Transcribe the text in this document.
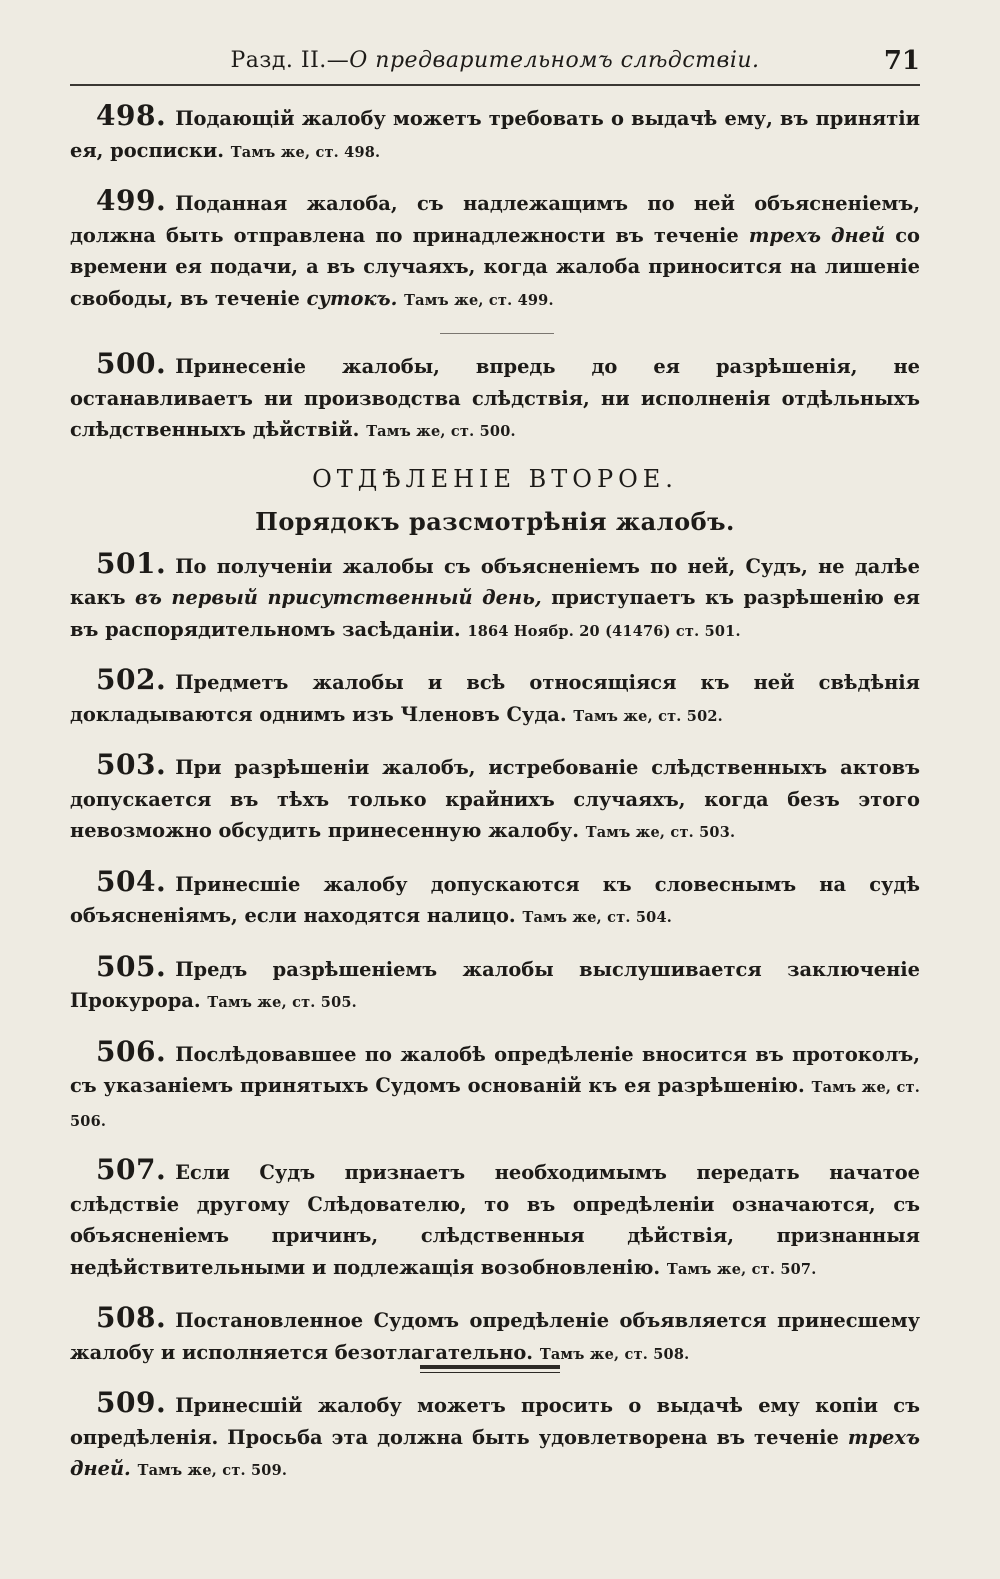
Разд. II.—О предварительномъ слѣдствіи.	71

498. Подающій жалобу можетъ требовать о выдачѣ ему, въ принятіи ея, росписки. Тамъ же, ст. 498.

499. Поданная жалоба, съ надлежащимъ по ней объясненіемъ, должна быть отправлена по принадлежности въ теченіе трехъ дней со времени ея подачи, а въ случаяхъ, когда жалоба приносится на лишеніе свободы, въ теченіе сутокъ. Тамъ же, ст. 499.

500. Принесеніе жалобы, впредь до ея разрѣшенія, не останавливаетъ ни производства слѣдствія, ни исполненія отдѣльныхъ слѣдственныхъ дѣйствій. Тамъ же, ст. 500.

ОТДѢЛЕНІЕ ВТОРОЕ.
Порядокъ разсмотрѣнія жалобъ.

501. По полученіи жалобы съ объясненіемъ по ней, Судъ, не далѣе какъ въ первый присутственный день, приступаетъ къ разрѣшенію ея въ распорядительномъ засѣданіи. 1864 Ноябр. 20 (41476) ст. 501.

502. Предметъ жалобы и всѣ относящіяся къ ней свѣдѣнія докладываются однимъ изъ Членовъ Суда. Тамъ же, ст. 502.

503. При разрѣшеніи жалобъ, истребованіе слѣдственныхъ актовъ допускается въ тѣхъ только крайнихъ случаяхъ, когда безъ этого невозможно обсудить принесенную жалобу. Тамъ же, ст. 503.

504. Принесшіе жалобу допускаются къ словеснымъ на судѣ объясненіямъ, если находятся налицо. Тамъ же, ст. 504.

505. Предъ разрѣшеніемъ жалобы выслушивается заключеніе Прокурора. Тамъ же, ст. 505.

506. Послѣдовавшее по жалобѣ опредѣленіе вносится въ протоколъ, съ указаніемъ принятыхъ Судомъ основаній къ ея разрѣшенію. Тамъ же, ст. 506.

507. Если Судъ признаетъ необходимымъ передать начатое слѣдствіе другому Слѣдователю, то въ опредѣленіи означаются, съ объясненіемъ причинъ, слѣдственныя дѣйствія, признанныя недѣйствительными и подлежащія возобновленію. Тамъ же, ст. 507.

508. Постановленное Судомъ опредѣленіе объявляется принесшему жалобу и исполняется безотлагательно. Тамъ же, ст. 508.

509. Принесшій жалобу можетъ просить о выдачѣ ему копіи съ опредѣленія. Просьба эта должна быть удовлетворена въ теченіе трехъ дней. Тамъ же, ст. 509.
